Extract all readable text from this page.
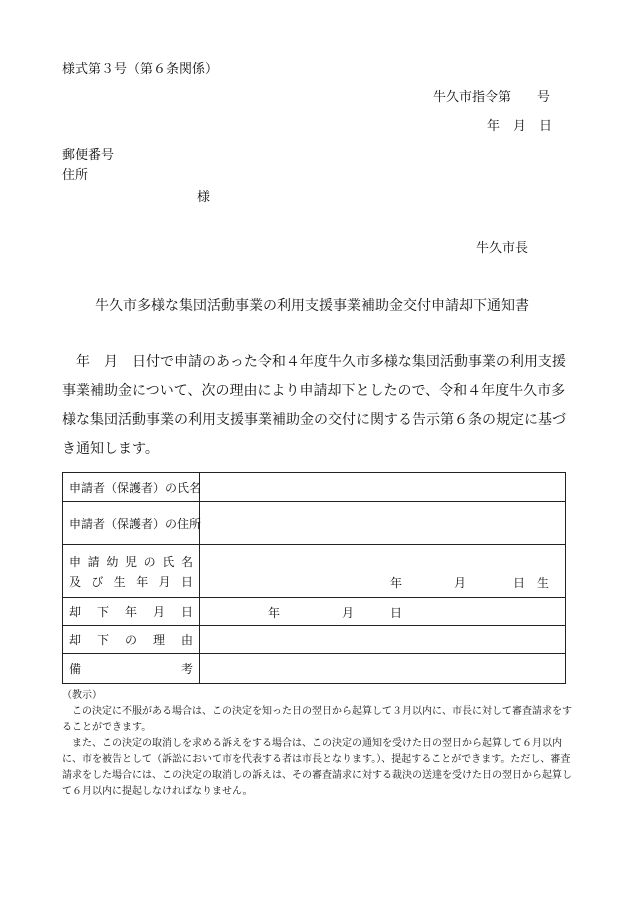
様式第３号（第６条関係）
牛久市指令第　　号
年　月　日
郵便番号
住所
様
牛久市長
牛久市多様な集団活動事業の利用支援事業補助金交付申請却下通知書
　年　月　日付で申請のあった令和４年度牛久市多様な集団活動事業の利用支援事業補助金について、次の理由により申請却下としたので、令和４年度牛久市多様な集団活動事業の利用支援事業補助金の交付に関する告示第６条の規定に基づき通知します。
申請者（保護者）の氏名	

申請者（保護者）の住所	

申請幼児の氏名
及び生年月日	年 月 日生

却下年月日	年 月 日

却下の理由	

備考	

（教示）

この決定に不服がある場合は、この決定を知った日の翌日から起算して３月以内に、市長に対して審査請求をすることができます。

また、この決定の取消しを求める訴えをする場合は、この決定の通知を受けた日の翌日から起算して６月以内に、市を被告として（訴訟において市を代表する者は市長となります。）、提起することができます。ただし、審査請求をした場合には、この決定の取消しの訴えは、その審査請求に対する裁決の送達を受けた日の翌日から起算して６月以内に提起しなければなりません。
